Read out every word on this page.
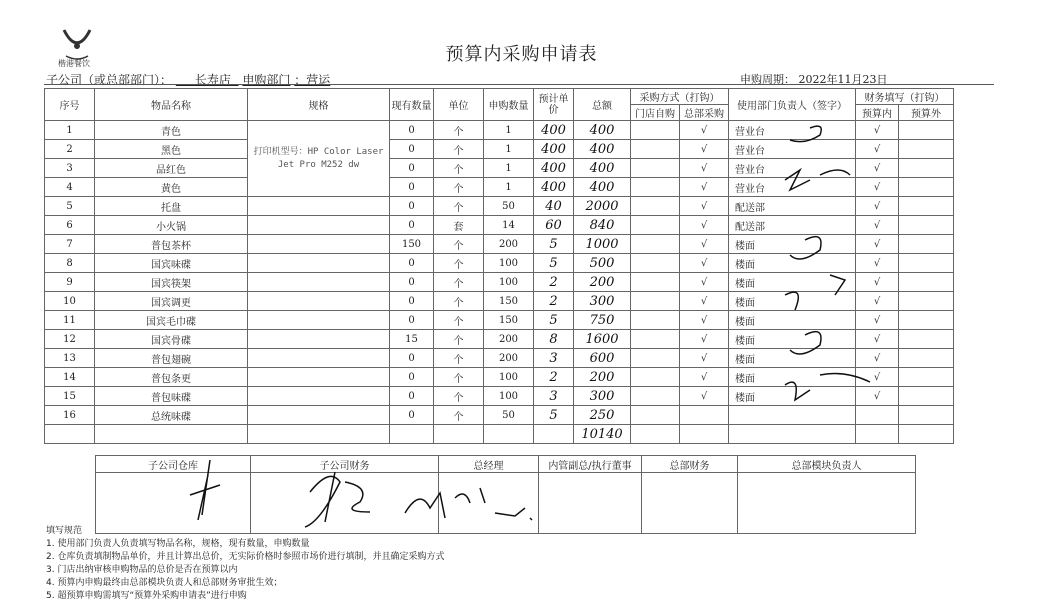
楷港餐饮	预算内采购申请表
子公司（或总部部门）： 长寿店 申购部门 ：营运	申购周期： 2022年11月23日
序号	物品名称	规格	现有数量	单位	申购数量	预计单价	总额	采购方式（打钩）		使用部门负责人（签字）	财务填写（打钩）	
								门店自购	总部采购		预算内	预算外
1	青色	打印机型号：HP Color Laser Jet Pro M252 dw	0	个	1	400	400		√	营业台	√	
2	黑色		0	个	1	400	400		√	营业台	√	
3	品红色		0	个	1	400	400		√	营业台	√	
4	黄色		0	个	1	400	400		√	营业台	√	
5	托盘		0	个	50	40	2000		√	配送部	√	
6	小火锅		0	套	14	60	840		√	配送部	√	
7	普包茶杯		150	个	200	5	1000		√	楼面	√	
8	国宾味碟		0	个	100	5	500		√	楼面	√	
9	国宾筷架		0	个	100	2	200		√	楼面	√	
10	国宾调更		0	个	150	2	300		√	楼面	√	
11	国宾毛巾碟		0	个	150	5	750		√	楼面	√	
12	国宾骨碟		15	个	200	8	1600		√	楼面	√	
13	普包翅碗		0	个	200	3	600		√	楼面	√	
14	普包条更		0	个	100	2	200		√	楼面	√	
15	普包味碟		0	个	100	3	300		√	楼面	√	
16	总统味碟		0	个	50	5	250					
							10140					
子公司仓库	子公司财务	总经理	内管副总/执行董事	总部财务	总部模块负责人

填写规范
1. 使用部门负责人负责填写物品名称，规格，现有数量，申购数量
2. 仓库负责填制物品单价，并且计算出总价，无实际价格时参照市场价进行填制，并且确定采购方式
3. 门店出纳审核申购物品的总价是否在预算以内
4. 预算内申购最终由总部模块负责人和总部财务审批生效；
5. 超预算申购需填写“预算外采购申请表”进行申购
